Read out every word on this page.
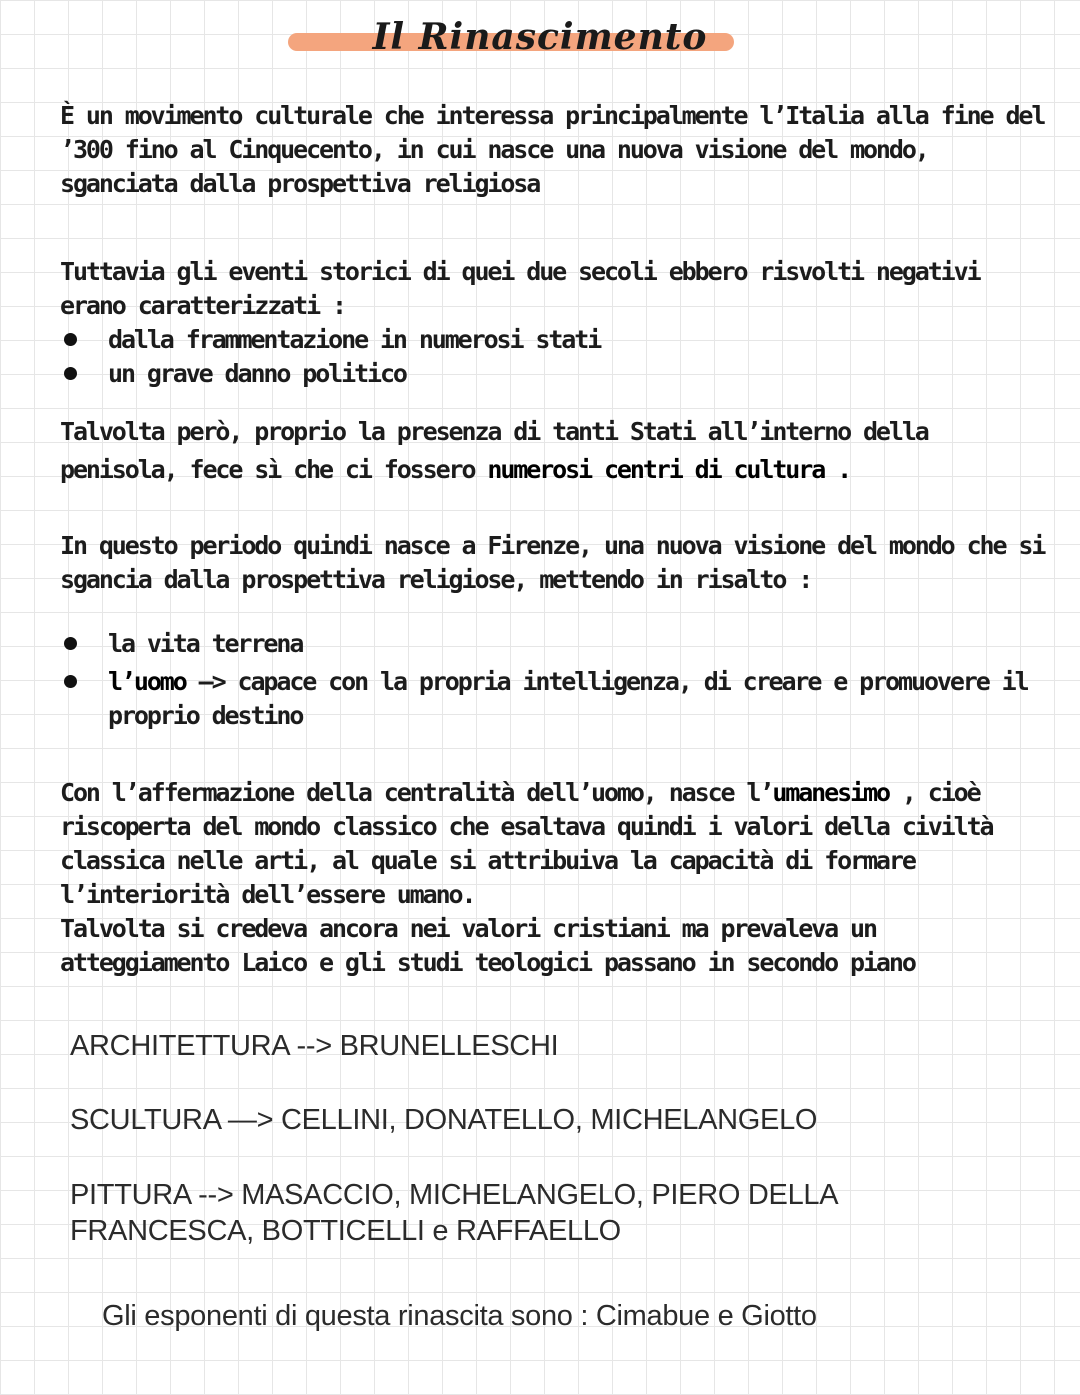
Il Rinascimento

È un movimento culturale che interessa principalmente l’Italia alla fine del ’300 fino al Cinquecento, in cui nasce una nuova visione del mondo, sganciata dalla prospettiva religiosa

Tuttavia gli eventi storici di quei due secoli ebbero risvolti negativi erano caratterizzati :

dalla frammentazione in numerosi stati
un grave danno politico

Talvolta però, proprio la presenza di tanti Stati all’interno della penisola, fece sì che ci fossero numerosi centri di cultura .

In questo periodo quindi nasce a Firenze, una nuova visione del mondo che si sgancia dalla prospettiva religiose, mettendo in risalto :

la vita terrena
l’uomo —> capace con la propria intelligenza, di creare e promuovere il proprio destino

Con l’affermazione della centralità dell’uomo, nasce l’umanesimo , cioè riscoperta del mondo classico che esaltava quindi i valori della civiltà classica nelle arti, al quale si attribuiva la capacità di formare l’interiorità dell’essere umano.

Talvolta si credeva ancora nei valori cristiani ma prevaleva un atteggiamento Laico e gli studi teologici passano in secondo piano

ARCHITETTURA --> BRUNELLESCHI
SCULTURA —> CELLINI, DONATELLO, MICHELANGELO
PITTURA --> MASACCIO, MICHELANGELO, PIERO DELLA FRANCESCA, BOTTICELLI e RAFFAELLO
Gli esponenti di questa rinascita sono : Cimabue e Giotto
